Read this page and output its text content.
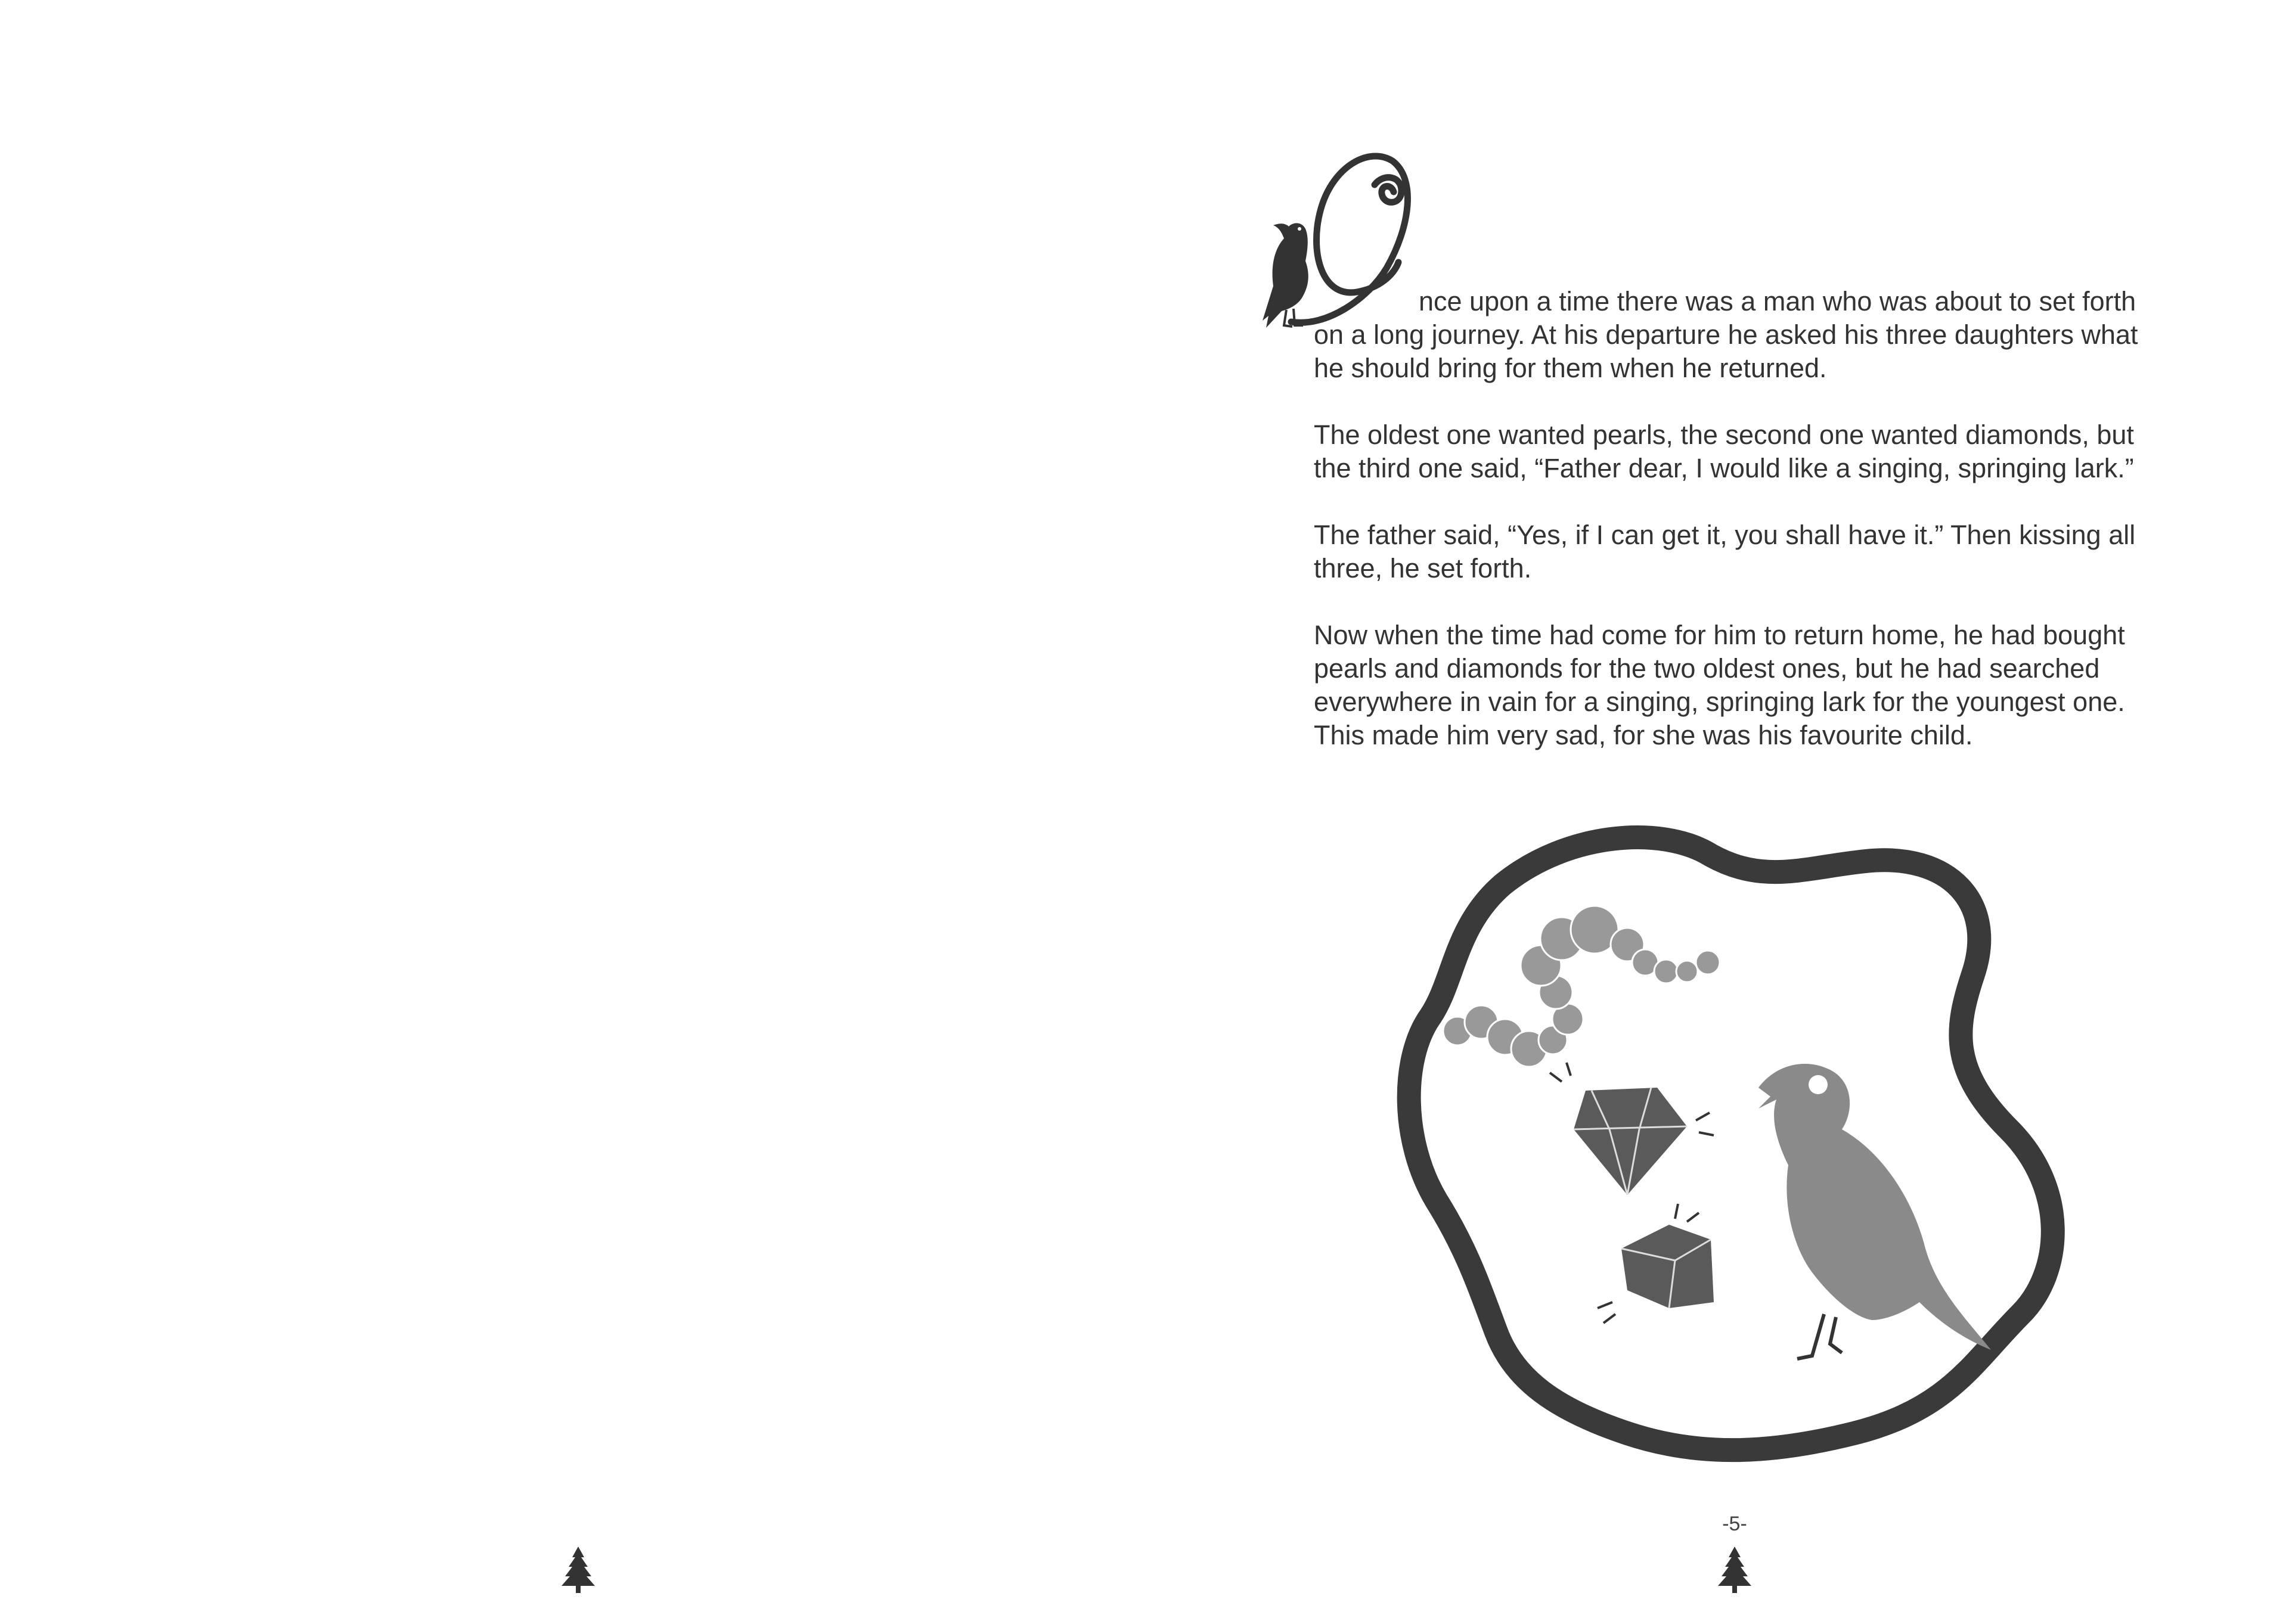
nce upon a time there was a man who was about to set forth on a long journey. At his departure he asked his three daughters what he should bring for them when he returned.

The oldest one wanted pearls, the second one wanted diamonds, but the third one said, “Father dear, I would like a singing, springing lark.”

The father said, “Yes, if I can get it, you shall have it.” Then kissing all three, he set forth.

Now when the time had come for him to return home, he had bought pearls and diamonds for the two oldest ones, but he had searched everywhere in vain for a singing, springing lark for the youngest one. This made him very sad, for she was his favourite child.

-5-
